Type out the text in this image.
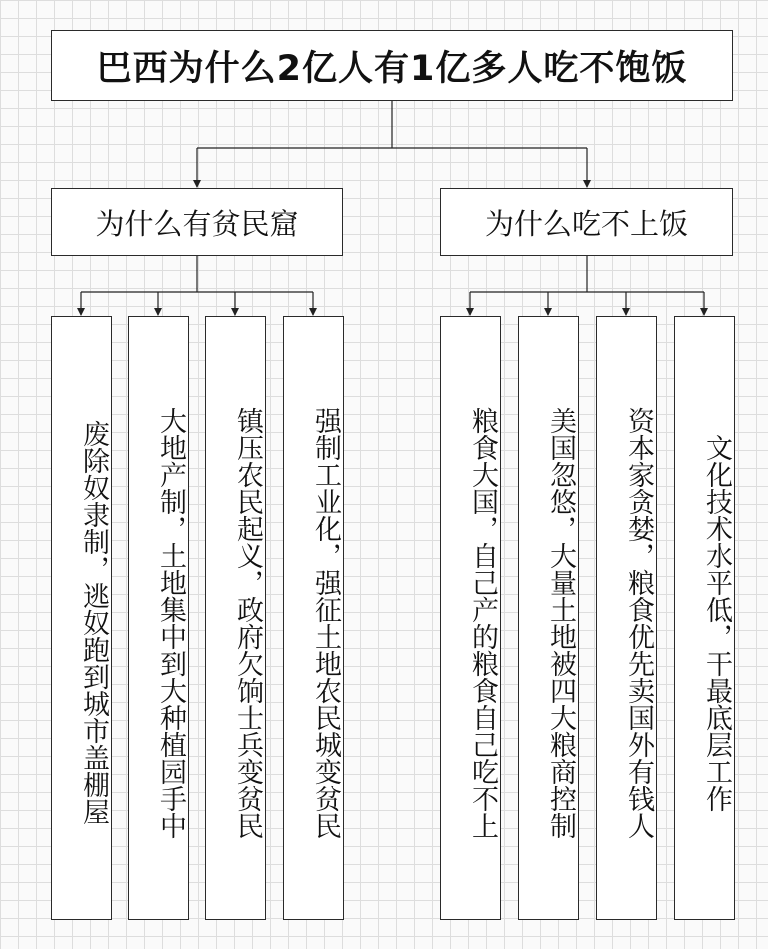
巴西为什么2亿人有1亿多人吃不饱饭
为什么有贫民窟	为什么吃不上饭
废除奴隶制，逃奴跑到城市盖棚屋	大地产制，土地集中到大种植园手中	镇压农民起义，政府欠饷士兵变贫民	强制工业化，强征土地农民城变贫民	粮食大国，自己产的粮食自己吃不上	美国忽悠，大量土地被四大粮商控制	资本家贪婪，粮食优先卖国外有钱人	文化技术水平低，干最底层工作
